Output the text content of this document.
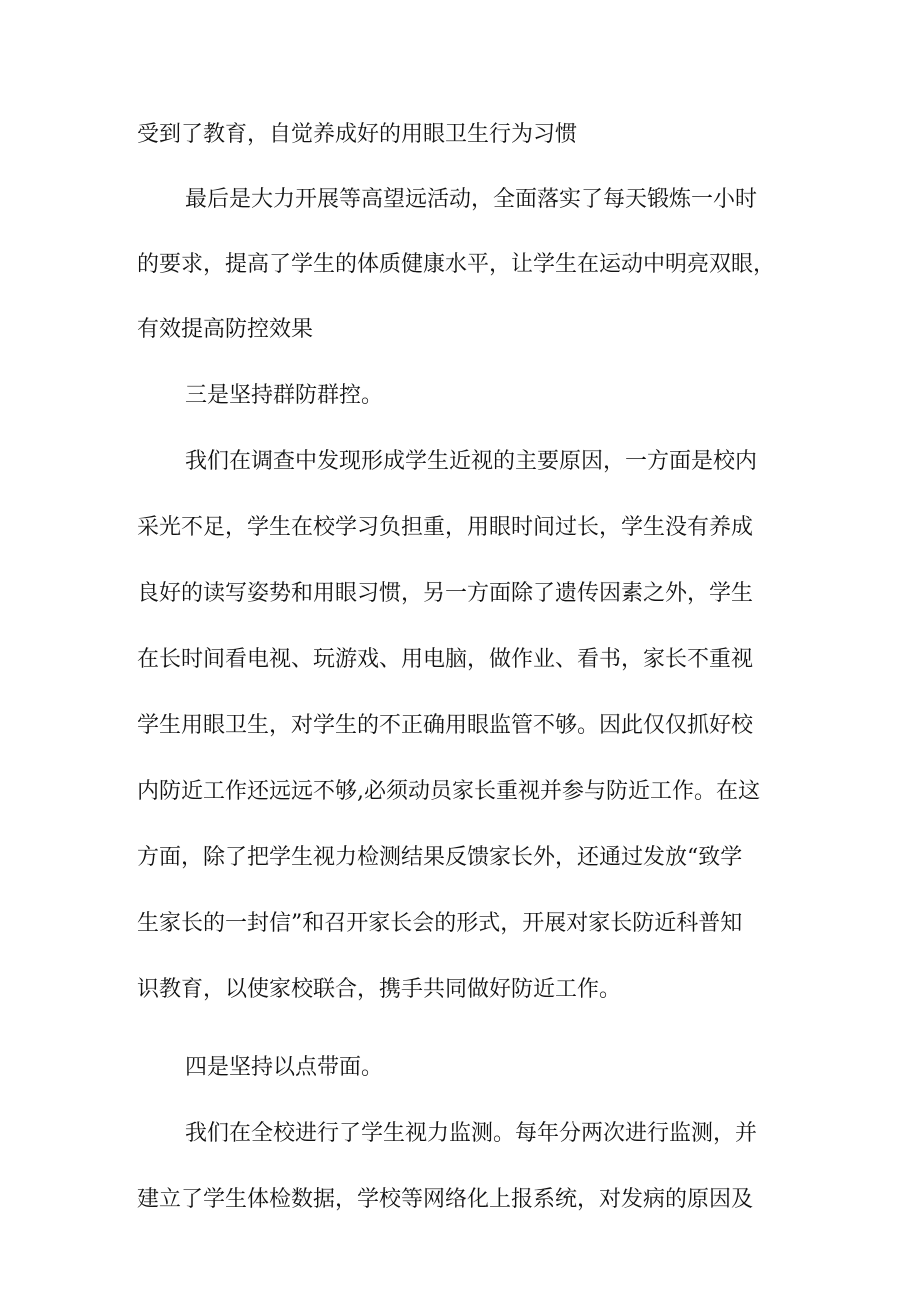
受到了教育，自觉养成好的用眼卫生行为习惯
最后是大力开展等高望远活动，全面落实了每天锻炼一小时
的要求，提高了学生的体质健康水平，让学生在运动中明亮双眼，
有效提高防控效果
三是坚持群防群控。
我们在调查中发现形成学生近视的主要原因，一方面是校内
采光不足，学生在校学习负担重，用眼时间过长，学生没有养成
良好的读写姿势和用眼习惯，另一方面除了遗传因素之外，学生
在长时间看电视、玩游戏、用电脑，做作业、看书，家长不重视
学生用眼卫生，对学生的不正确用眼监管不够。因此仅仅抓好校
内防近工作还远远不够,必须动员家长重视并参与防近工作。在这
方面，除了把学生视力检测结果反馈家长外，还通过发放“致学
生家长的一封信”和召开家长会的形式，开展对家长防近科普知
识教育，以使家校联合，携手共同做好防近工作。
四是坚持以点带面。
我们在全校进行了学生视力监测。每年分两次进行监测，并
建立了学生体检数据，学校等网络化上报系统，对发病的原因及
